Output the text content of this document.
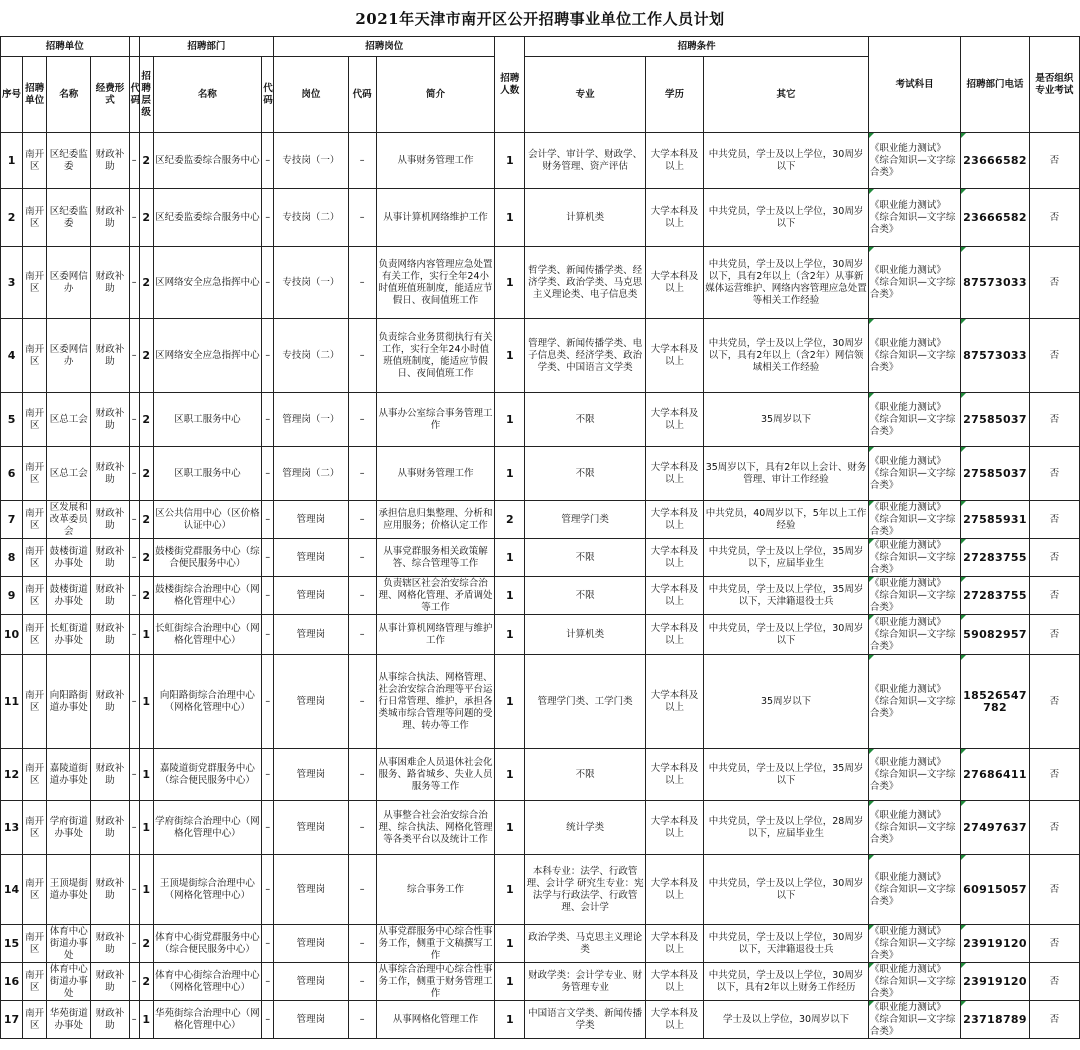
2021年天津市南开区公开招聘事业单位工作人员计划
招聘单位					招聘部门			招聘岗位			招聘人数	招聘条件			考试科目	招聘部门电话	是否组织专业考试
序号	招聘单位	名称	经费形式	代码	招聘层级	名称	代码	岗位	代码	简介		专业	学历	其它			
1	南开区	区纪委监委	财政补助	–	2	区纪委监委综合服务中心	–	专技岗（一）	–	从事财务管理工作	1	会计学、审计学、财政学、财务管理、资产评估	大学本科及以上	中共党员，学士及以上学位，30周岁以下	《职业能力测试》《综合知识—文字综合类》	23666582	否
2	南开区	区纪委监委	财政补助	–	2	区纪委监委综合服务中心	–	专技岗（二）	–	从事计算机网络维护工作	1	计算机类	大学本科及以上	中共党员，学士及以上学位，30周岁以下	《职业能力测试》《综合知识—文字综合类》	23666582	否
3	南开区	区委网信办	财政补助	–	2	区网络安全应急指挥中心	–	专技岗（一）	–	负责网络内容管理应急处置有关工作，实行全年24小时值班值班制度，能适应节假日、夜间值班工作	1	哲学类、新闻传播学类、经济学类、政治学类、马克思主义理论类、电子信息类	大学本科及以上	中共党员，学士及以上学位，30周岁以下，具有2年以上（含2年）从事新媒体运营维护、网络内容管理应急处置等相关工作经验	《职业能力测试》《综合知识—文字综合类》	87573033	否
4	南开区	区委网信办	财政补助	–	2	区网络安全应急指挥中心	–	专技岗（二）	–	负责综合业务贯彻执行有关工作，实行全年24小时值班值班制度，能适应节假日、夜间值班工作	1	管理学、新闻传播学类、电子信息类、经济学类、政治学类、中国语言文学类	大学本科及以上	中共党员，学士及以上学位，30周岁以下，具有2年以上（含2年）网信领域相关工作经验	《职业能力测试》《综合知识—文字综合类》	87573033	否
5	南开区	区总工会	财政补助	–	2	区职工服务中心	–	管理岗（一）	–	从事办公室综合事务管理工作	1	不限	大学本科及以上	35周岁以下	《职业能力测试》《综合知识—文字综合类》	27585037	否
6	南开区	区总工会	财政补助	–	2	区职工服务中心	–	管理岗（二）	–	从事财务管理工作	1	不限	大学本科及以上	35周岁以下，具有2年以上会计、财务管理、审计工作经验	《职业能力测试》《综合知识—文字综合类》	27585037	否
7	南开区	区发展和改革委员会	财政补助	–	2	区公共信用中心（区价格认证中心）	–	管理岗	–	承担信息归集整理、分析和应用服务；价格认定工作	2	管理学门类	大学本科及以上	中共党员，40周岁以下，5年以上工作经验	《职业能力测试》《综合知识—文字综合类》	27585931	否
8	南开区	鼓楼街道办事处	财政补助	–	2	鼓楼街党群服务中心（综合便民服务中心）	–	管理岗	–	从事党群服务相关政策解答、综合管理等工作	1	不限	大学本科及以上	中共党员，学士及以上学位，35周岁以下，应届毕业生	《职业能力测试》《综合知识—文字综合类》	27283755	否
9	南开区	鼓楼街道办事处	财政补助	–	2	鼓楼街综合治理中心（网格化管理中心）	–	管理岗	–	负责辖区社会治安综合治理、网格化管理、矛盾调处等工作	1	不限	大学本科及以上	中共党员，学士及以上学位，35周岁以下，天津籍退役士兵	《职业能力测试》《综合知识—文字综合类》	27283755	否
10	南开区	长虹街道办事处	财政补助	–	1	长虹街综合治理中心（网格化管理中心）	–	管理岗	–	从事计算机网络管理与维护工作	1	计算机类	大学本科及以上	中共党员，学士及以上学位，30周岁以下	《职业能力测试》《综合知识—文字综合类》	59082957	否
11	南开区	向阳路街道办事处	财政补助	–	1	向阳路街综合治理中心（网格化管理中心）	–	管理岗	–	从事综合执法、网格管理、社会治安综合治理等平台运行日常管理、维护，承担各类城市综合管理等问题的受理、转办等工作	1	管理学门类、工学门类	大学本科及以上	35周岁以下	《职业能力测试》《综合知识—文字综合类》	18526547782	否
12	南开区	嘉陵道街道办事处	财政补助	–	1	嘉陵道街党群服务中心（综合便民服务中心）	–	管理岗	–	从事困难企人员退休社会化服务、路省城乡、失业人员服务等工作	1	不限	大学本科及以上	中共党员，学士及以上学位，35周岁以下	《职业能力测试》《综合知识—文字综合类》	27686411	否
13	南开区	学府街道办事处	财政补助	–	1	学府街综合治理中心（网格化管理中心）	–	管理岗	–	从事整合社会治安综合治理、综合执法、网格化管理等各类平台以及统计工作	1	统计学类	大学本科及以上	中共党员，学士及以上学位，28周岁以下，应届毕业生	《职业能力测试》《综合知识—文字综合类》	27497637	否
14	南开区	王顶堤街道办事处	财政补助	–	1	王顶堤街综合治理中心（网格化管理中心）	–	管理岗	–	综合事务工作	1	本科专业：法学、行政管理、会计学 研究生专业：宪法学与行政法学、行政管理、会计学	大学本科及以上	中共党员，学士及以上学位，30周岁以下	《职业能力测试》《综合知识—文字综合类》	60915057	否
15	南开区	体育中心街道办事处	财政补助	–	2	体育中心街党群服务中心（综合便民服务中心）	–	管理岗	–	从事党群服务中心综合性事务工作，侧重于文稿撰写工作	1	政治学类、马克思主义理论类	大学本科及以上	中共党员，学士及以上学位，30周岁以下，天津籍退役士兵	《职业能力测试》《综合知识—文字综合类》	23919120	否
16	南开区	体育中心街道办事处	财政补助	–	2	体育中心街综合治理中心（网格化管理中心）	–	管理岗	–	从事综合治理中心综合性事务工作，侧重于财务管理工作	1	财政学类：会计学专业、财务管理专业	大学本科及以上	中共党员，学士及以上学位，30周岁以下，具有2年以上财务工作经历	《职业能力测试》《综合知识—文字综合类》	23919120	否
17	南开区	华苑街道办事处	财政补助	–	1	华苑街综合治理中心（网格化管理中心）	–	管理岗	–	从事网格化管理工作	1	中国语言文学类、新闻传播学类	大学本科及以上	学士及以上学位，30周岁以下	《职业能力测试》《综合知识—文字综合类》	23718789	否
